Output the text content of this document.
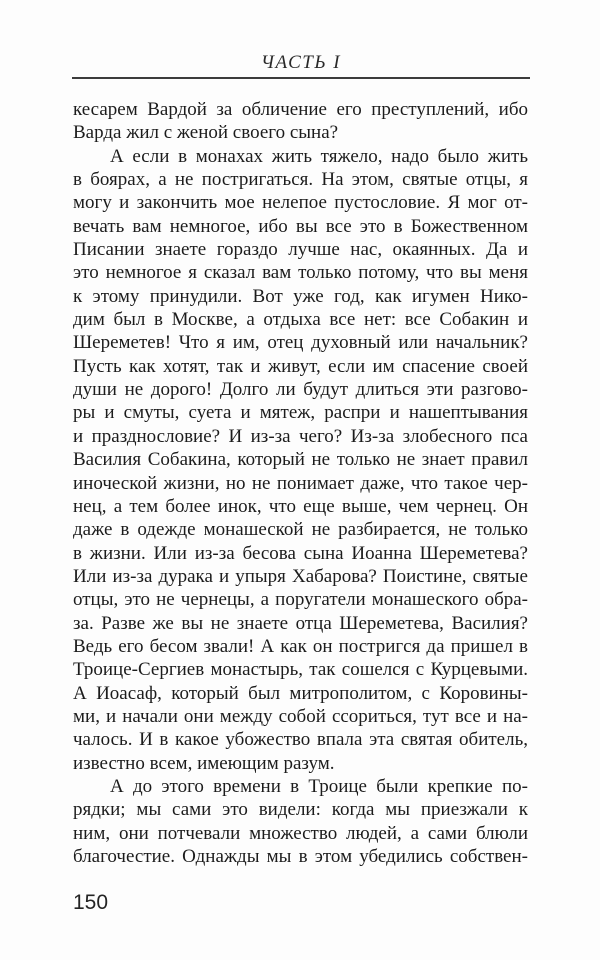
ЧАСТЬ I
кесарем Вардой за обличение его преступлений, ибо
Варда жил с женой своего сына?
А если в монахах жить тяжело, надо было жить
в боярах, а не постригаться. На этом, святые отцы, я
могу и закончить мое нелепое пустословие. Я мог от-
вечать вам немногое, ибо вы все это в Божественном
Писании знаете гораздо лучше нас, окаянных. Да и
это немногое я сказал вам только потому, что вы меня
к этому принудили. Вот уже год, как игумен Нико-
дим был в Москве, а отдыха все нет: все Собакин и
Шереметев! Что я им, отец духовный или начальник?
Пусть как хотят, так и живут, если им спасение своей
души не дорого! Долго ли будут длиться эти разгово-
ры и смуты, суета и мятеж, распри и нашептывания
и празднословие? И из-за чего? Из-за злобесного пса
Василия Собакина, который не только не знает правил
иноческой жизни, но не понимает даже, что такое чер-
нец, а тем более инок, что еще выше, чем чернец. Он
даже в одежде монашеской не разбирается, не только
в жизни. Или из-за бесова сына Иоанна Шереметева?
Или из-за дурака и упыря Хабарова? Поистине, святые
отцы, это не чернецы, а поругатели монашеского обра-
за. Разве же вы не знаете отца Шереметева, Василия?
Ведь его бесом звали! А как он постригся да пришел в
Троице-Сергиев монастырь, так сошелся с Курцевыми.
А Иоасаф, который был митрополитом, с Коровины-
ми, и начали они между собой ссориться, тут все и на-
чалось. И в какое убожество впала эта святая обитель,
известно всем, имеющим разум.
А до этого времени в Троице были крепкие по-
рядки; мы сами это видели: когда мы приезжали к
ним, они потчевали множество людей, а сами блюли
благочестие. Однажды мы в этом убедились собствен-
150
